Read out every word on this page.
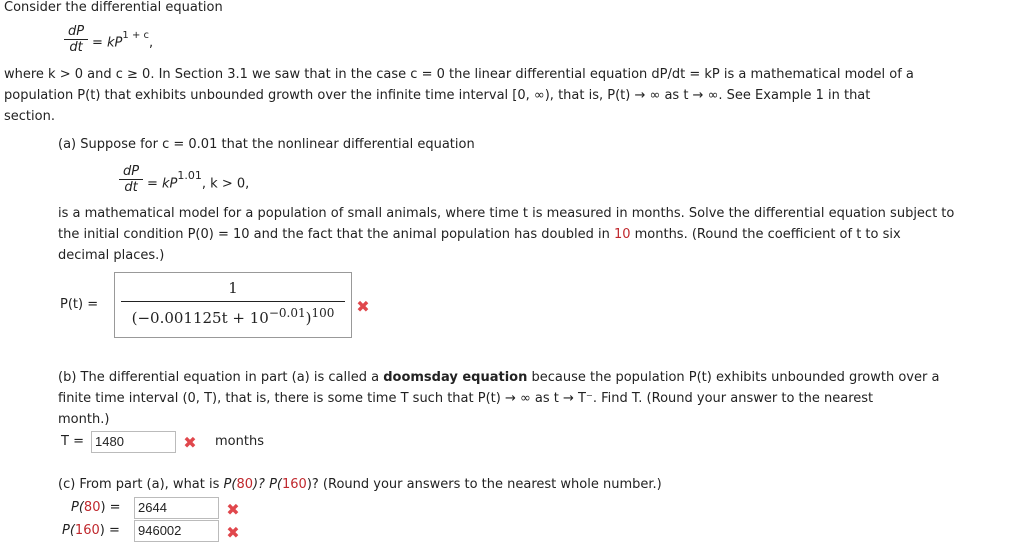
Consider the differential equation
$\frac{dP}{dt} = kP^{1 + c}$,
where k > 0 and c ≥ 0. In Section 3.1 we saw that in the case c = 0 the linear differential equation dP/dt = kP is a mathematical model of a
population P(t) that exhibits unbounded growth over the infinite time interval [0, ∞), that is, P(t) → ∞ as t → ∞. See Example 1 in that
section.
(a) Suppose for c = 0.01 that the nonlinear differential equation
$\frac{dP}{dt} = kP^{1.01}$, k > 0,
is a mathematical model for a population of small animals, where time t is measured in months. Solve the differential equation subject to
the initial condition P(0) = 10 and the fact that the animal population has doubled in 10 months. (Round the coefficient of t to six
decimal places.)
$P(t) = \frac{1}{(-0.001125t + 10^{-0.01})^{100}}$ ✖
(b) The differential equation in part (a) is called a doomsday equation because the population P(t) exhibits unbounded growth over a
finite time interval (0, T), that is, there is some time T such that P(t) → ∞ as t → T⁻. Find T. (Round your answer to the nearest
month.)
T = 1480	✖ months
(c) From part (a), what is P(80)? P(160)? (Round your answers to the nearest whole number.)
P(80) =	2644	✖
P(160) =	946002	✖
